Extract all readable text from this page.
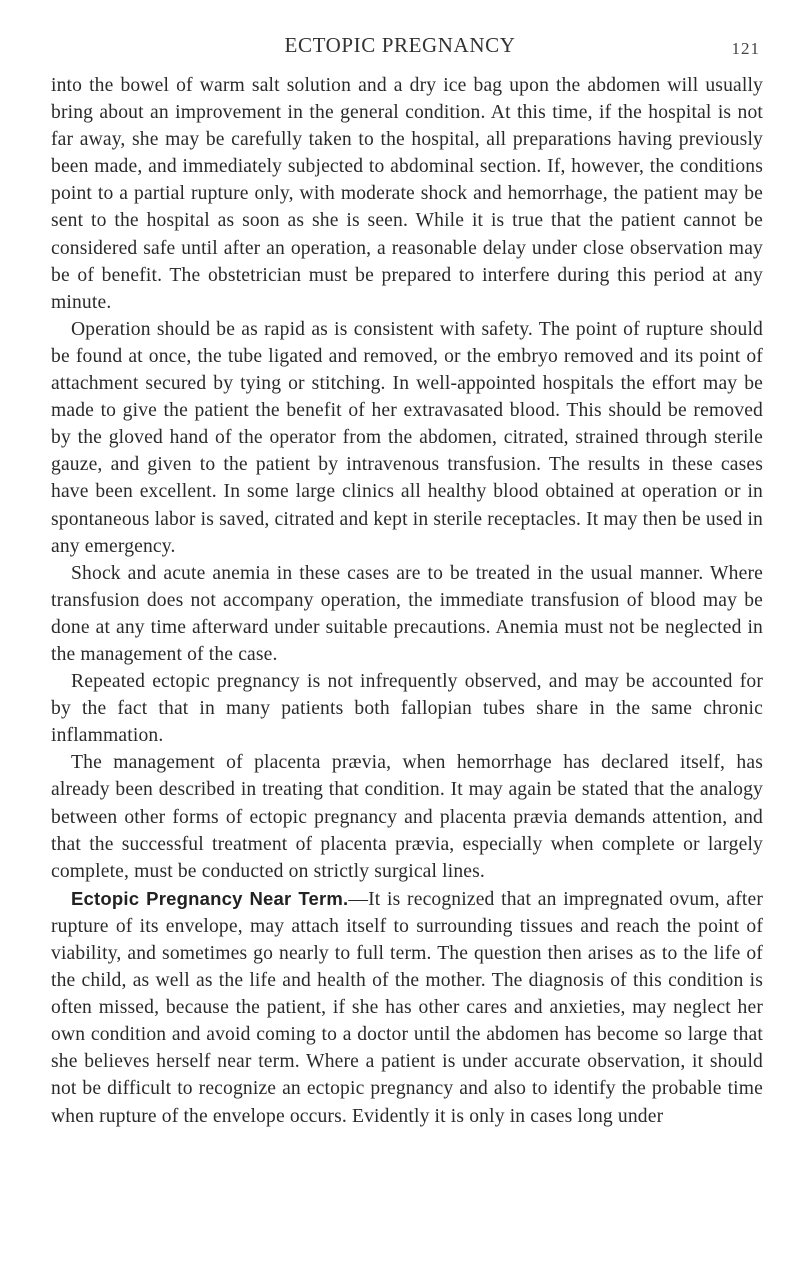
ECTOPIC PREGNANCY	121

into the bowel of warm salt solution and a dry ice bag upon the abdomen will usually bring about an improvement in the general condition. At this time, if the hospital is not far away, she may be carefully taken to the hospital, all preparations having previously been made, and immediately subjected to abdominal section. If, however, the conditions point to a partial rupture only, with moderate shock and hemorrhage, the patient may be sent to the hospital as soon as she is seen. While it is true that the patient cannot be considered safe until after an operation, a reasonable delay under close observation may be of benefit. The obstetrician must be prepared to interfere during this period at any minute.

Operation should be as rapid as is consistent with safety. The point of rupture should be found at once, the tube ligated and removed, or the embryo removed and its point of attachment secured by tying or stitching. In well-appointed hospitals the effort may be made to give the patient the benefit of her extravasated blood. This should be removed by the gloved hand of the operator from the abdomen, citrated, strained through sterile gauze, and given to the patient by intravenous transfusion. The results in these cases have been excellent. In some large clinics all healthy blood obtained at operation or in spontaneous labor is saved, citrated and kept in sterile receptacles. It may then be used in any emergency.

Shock and acute anemia in these cases are to be treated in the usual manner. Where transfusion does not accompany operation, the immediate transfusion of blood may be done at any time afterward under suitable precautions. Anemia must not be neglected in the management of the case.

Repeated ectopic pregnancy is not infrequently observed, and may be accounted for by the fact that in many patients both fallopian tubes share in the same chronic inflammation.

The management of placenta prævia, when hemorrhage has declared itself, has already been described in treating that condition. It may again be stated that the analogy between other forms of ectopic pregnancy and placenta prævia demands attention, and that the successful treatment of placenta prævia, especially when complete or largely complete, must be conducted on strictly surgical lines.

Ectopic Pregnancy Near Term.—It is recognized that an impregnated ovum, after rupture of its envelope, may attach itself to surrounding tissues and reach the point of viability, and sometimes go nearly to full term. The question then arises as to the life of the child, as well as the life and health of the mother. The diagnosis of this condition is often missed, because the patient, if she has other cares and anxieties, may neglect her own condition and avoid coming to a doctor until the abdomen has become so large that she believes herself near term. Where a patient is under accurate observation, it should not be difficult to recognize an ectopic pregnancy and also to identify the probable time when rupture of the envelope occurs. Evidently it is only in cases long under
